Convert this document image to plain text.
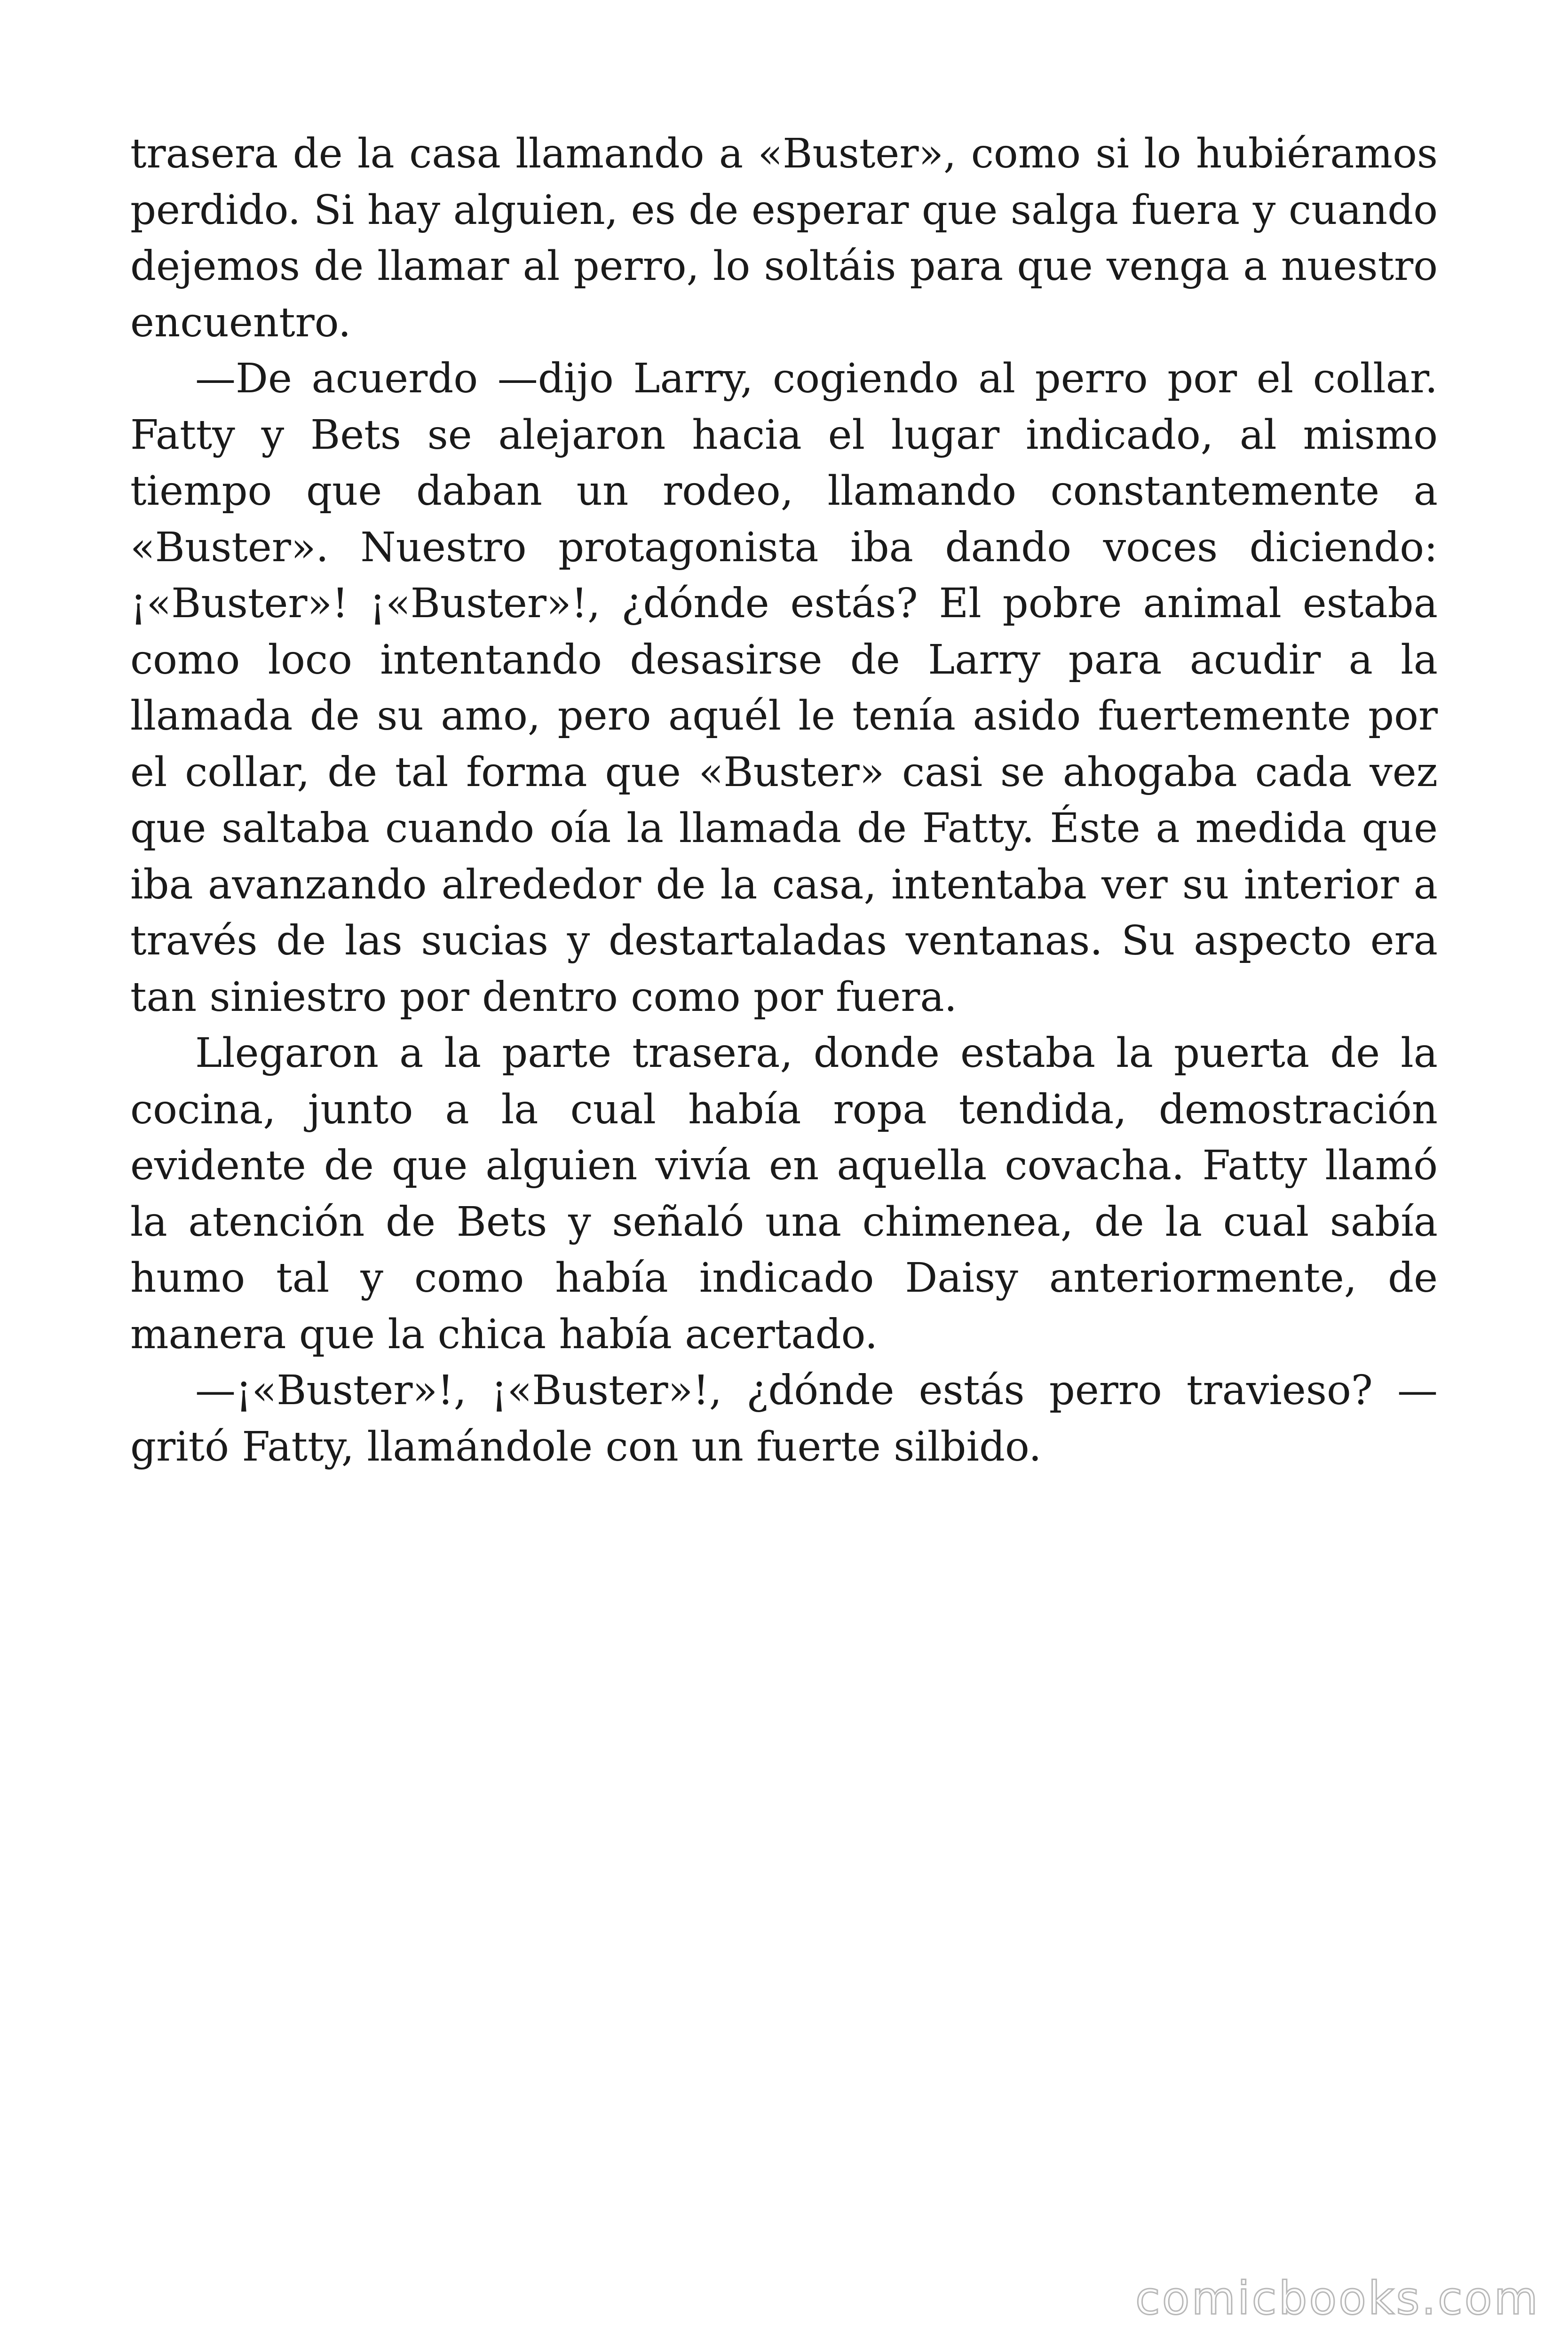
trasera de la casa llamando a «Buster», como si lo hubiéramos perdido. Si hay alguien, es de esperar que salga fuera y cuando dejemos de llamar al perro, lo soltáis para que venga a nuestro encuentro.

—De acuerdo —dijo Larry, cogiendo al perro por el collar. Fatty y Bets se alejaron hacia el lugar indicado, al mismo tiempo que daban un rodeo, llamando constantemente a «Buster». Nuestro protagonista iba dando voces diciendo: ¡«Buster»! ¡«Buster»!, ¿dónde estás? El pobre animal estaba como loco intentando desasirse de Larry para acudir a la llamada de su amo, pero aquél le tenía asido fuertemente por el collar, de tal forma que «Buster» casi se ahogaba cada vez que saltaba cuando oía la llamada de Fatty. Éste a medida que iba avanzando alrededor de la casa, intentaba ver su interior a través de las sucias y destartaladas ventanas. Su aspecto era tan siniestro por dentro como por fuera.

Llegaron a la parte trasera, donde estaba la puerta de la cocina, junto a la cual había ropa tendida, demostración evidente de que alguien vivía en aquella covacha. Fatty llamó la atención de Bets y señaló una chimenea, de la cual sabía humo tal y como había indicado Daisy anteriormente, de manera que la chica había acertado.

—¡«Buster»!, ¡«Buster»!, ¿dónde estás perro travieso? —gritó Fatty, llamándole con un fuerte silbido.

comicbooks.com
